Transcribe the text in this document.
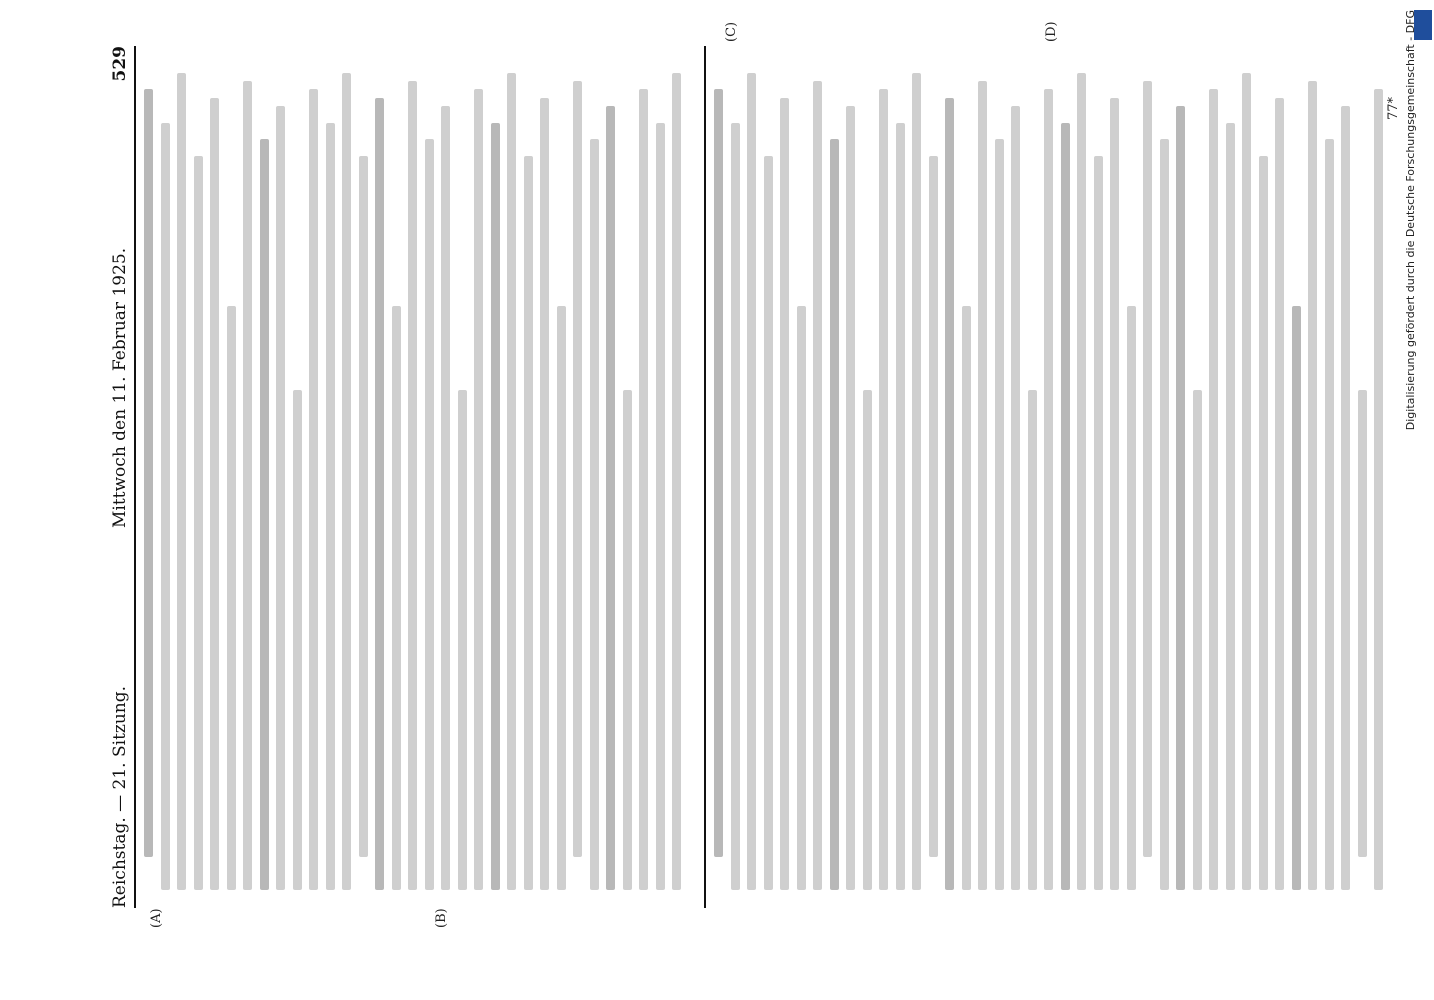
Reichstag. — 21. Sitzung.
Mittwoch den 11. Februar 1925.
529
(A)	(B)
(C)	(D)
77* Digitalisierung gefördert durch die Deutsche Forschungsgemeinschaft - DFG
